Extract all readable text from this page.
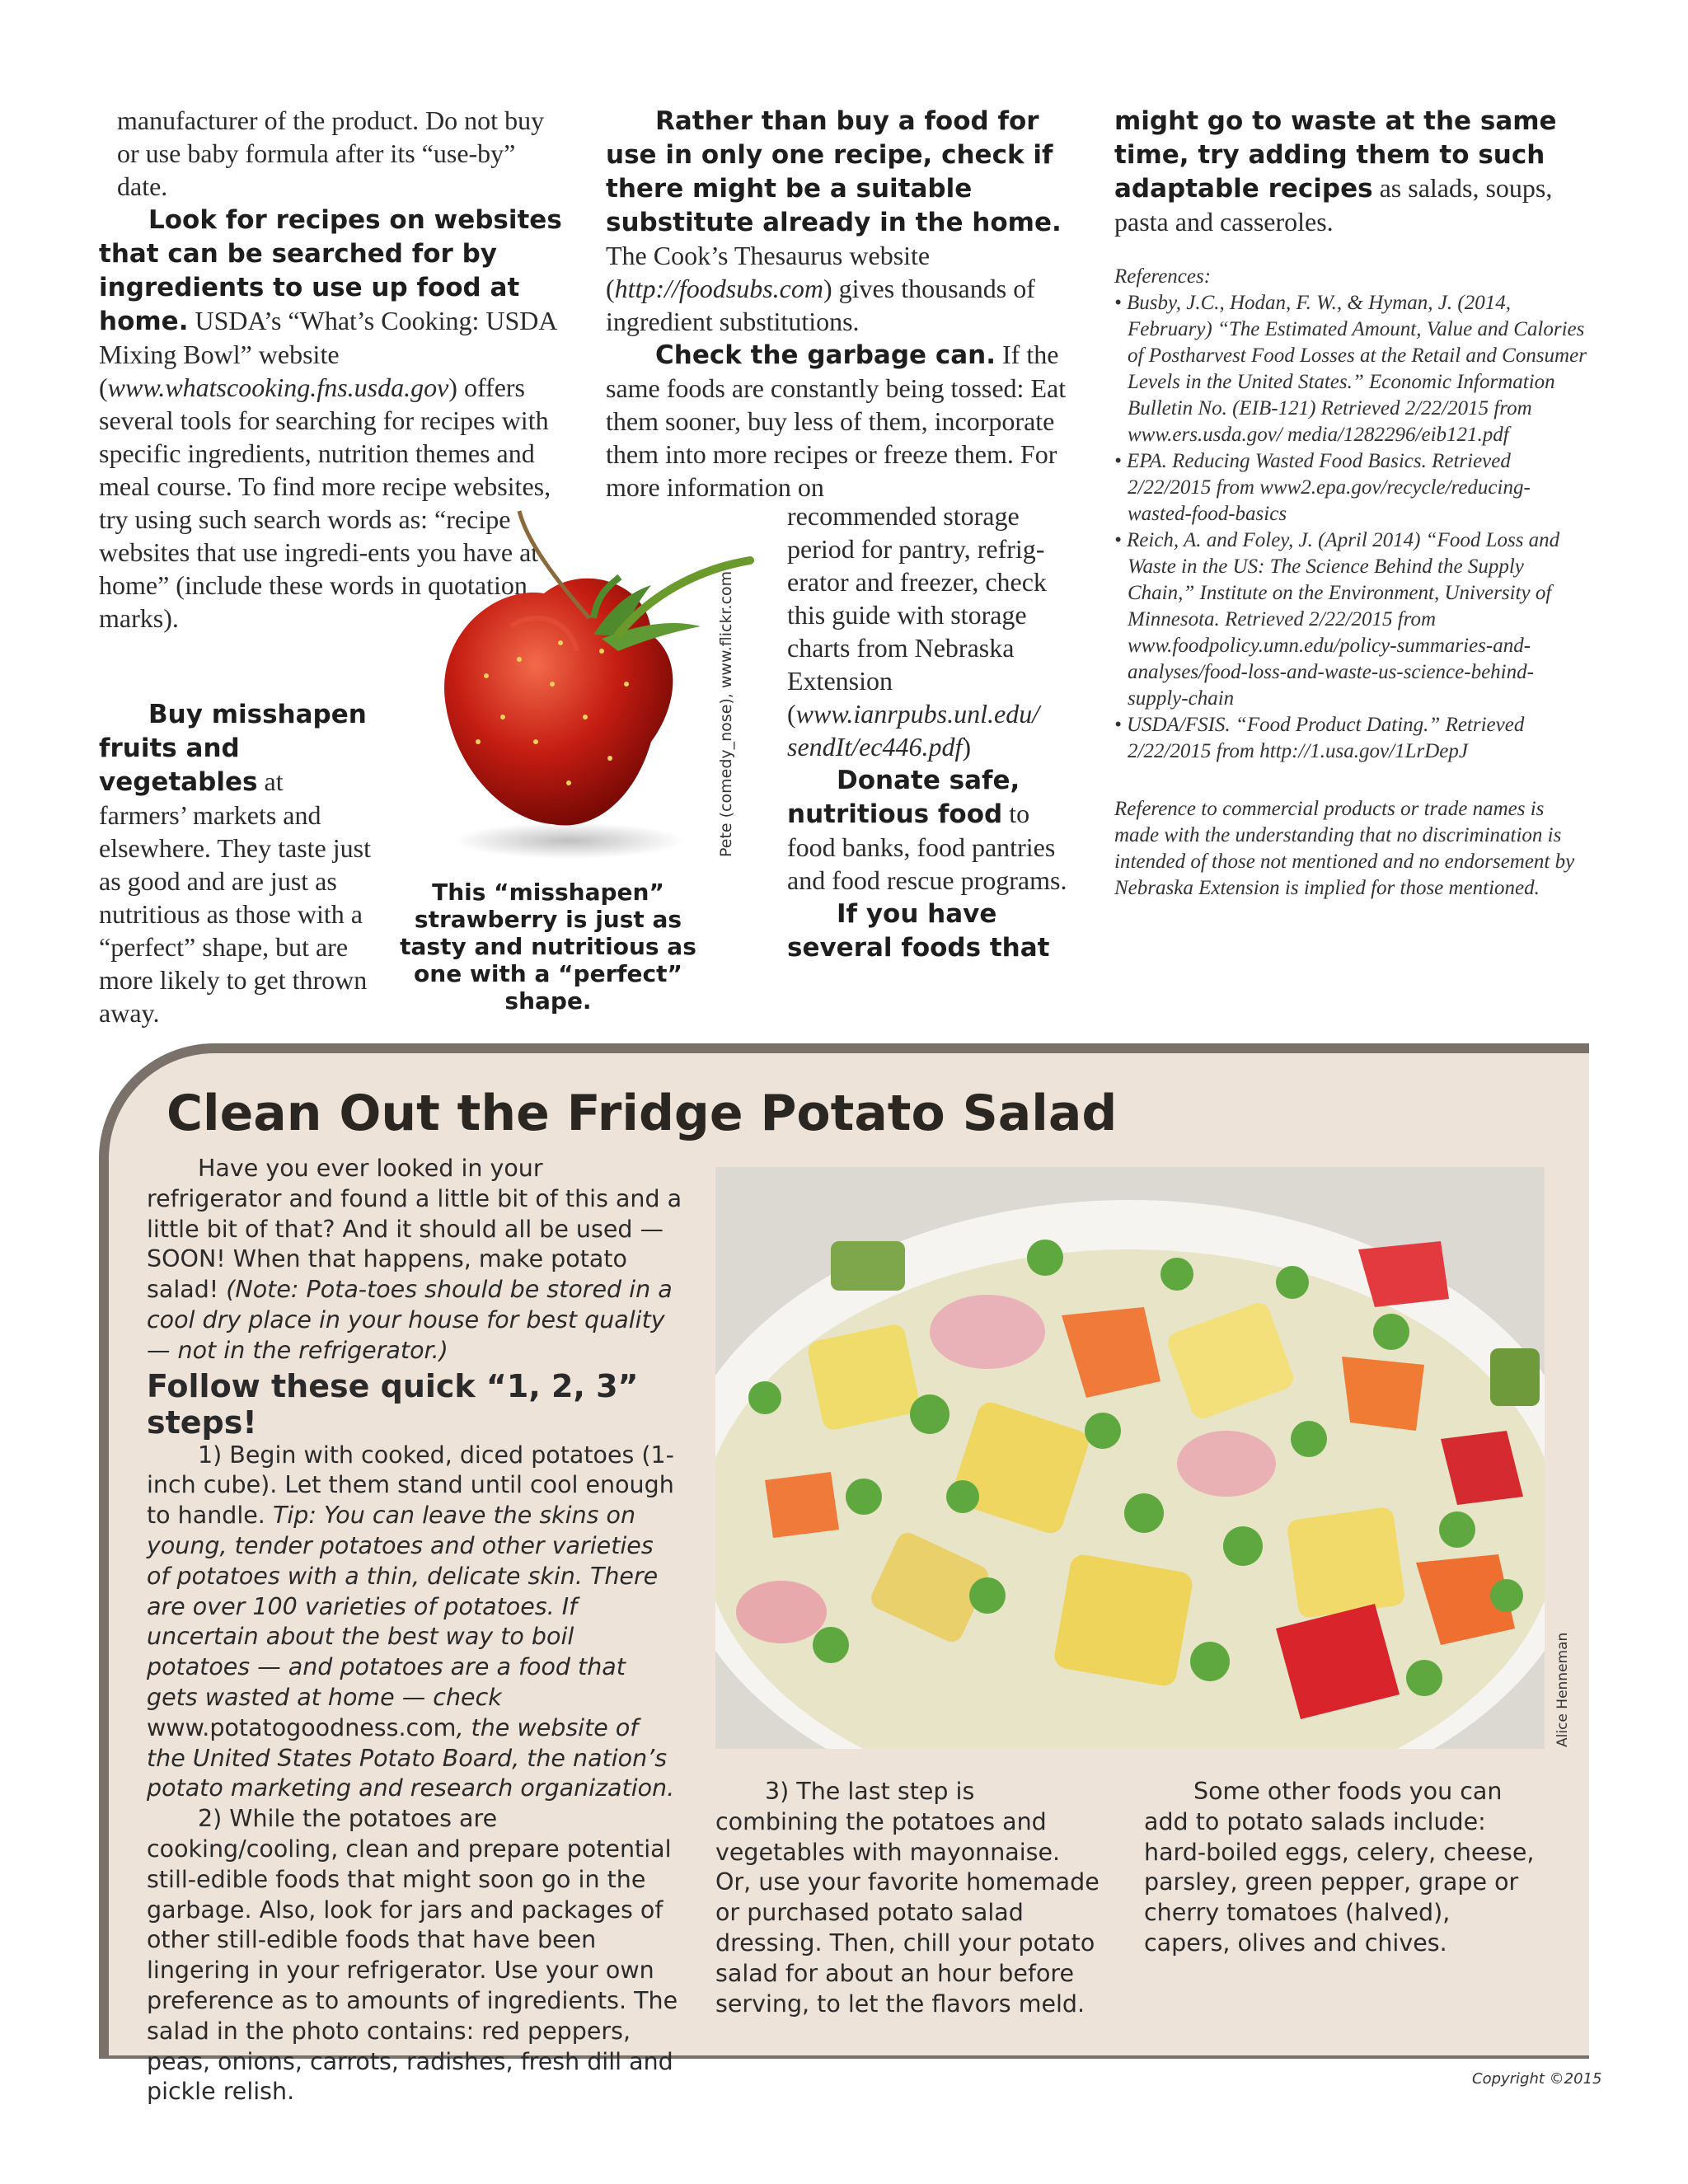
manufacturer of the product. Do not buy or use baby formula after its “use-by” date.

Look for recipes on websites that can be searched for by ingredients to use up food at home. USDA’s “What’s Cooking: USDA Mixing Bowl” website (www.whatscooking.fns.usda.gov) offers several tools for searching for recipes with specific ingredients, nutrition themes and meal course. To find more recipe websites, try using such search words as: “recipe websites that use ingredi-ents you have at home” (include these words in quotation marks).

Buy misshapen fruits and vegetables at farmers’ markets and elsewhere. They taste just as good and are just as nutritious as those with a “perfect” shape, but are more likely to get thrown away.

Pete (comedy_nose), www.flickr.com
This “misshapen” strawberry is just as tasty and nutritious as one with a “perfect” shape.

Rather than buy a food for use in only one recipe, check if there might be a suitable substitute already in the home. The Cook’s Thesaurus website (http://foodsubs.com) gives thousands of ingredient substitutions.

Check the garbage can. If the same foods are constantly being tossed: Eat them sooner, buy less of them, incorporate them into more recipes or freeze them. For more information on

recommended storage period for pantry, refrig-erator and freezer, check this guide with storage charts from Nebraska Extension (www.ianrpubs.unl.edu/ sendIt/ec446.pdf)

Donate safe, nutritious food to food banks, food pantries and food rescue programs.

If you have several foods that

might go to waste at the same time, try adding them to such adaptable recipes as salads, soups, pasta and casseroles.

References:

• Busby, J.C., Hodan, F. W., & Hyman, J. (2014, February) “The Estimated Amount, Value and Calories of Postharvest Food Losses at the Retail and Consumer Levels in the United States.” Economic Information Bulletin No. (EIB-121) Retrieved 2/22/2015 from www.ers.usda.gov/ media/1282296/eib121.pdf

• EPA. Reducing Wasted Food Basics. Retrieved 2/22/2015 from www2.epa.gov/recycle/reducing-wasted-food-basics

• Reich, A. and Foley, J. (April 2014) “Food Loss and Waste in the US: The Science Behind the Supply Chain,” Institute on the Environment, University of Minnesota. Retrieved 2/22/2015 from www.foodpolicy.umn.edu/policy-summaries-and-analyses/food-loss-and-waste-us-science-behind-supply-chain

• USDA/FSIS. “Food Product Dating.” Retrieved 2/22/2015 from http://1.usa.gov/1LrDepJ

Reference to commercial products or trade names is made with the understanding that no discrimination is intended of those not mentioned and no endorsement by Nebraska Extension is implied for those mentioned.

Clean Out the Fridge Potato Salad

Have you ever looked in your refrigerator and found a little bit of this and a little bit of that? And it should all be used — SOON! When that happens, make potato salad! (Note: Pota-toes should be stored in a cool dry place in your house for best quality — not in the refrigerator.)

Follow these quick “1, 2, 3” steps!

1) Begin with cooked, diced potatoes (1-inch cube). Let them stand until cool enough to handle. Tip: You can leave the skins on young, tender potatoes and other varieties of potatoes with a thin, delicate skin. There are over 100 varieties of potatoes. If uncertain about the best way to boil potatoes — and potatoes are a food that gets wasted at home — check www.potatogoodness.com, the website of the United States Potato Board, the nation’s potato marketing and research organization.

2) While the potatoes are cooking/cooling, clean and prepare potential still-edible foods that might soon go in the garbage. Also, look for jars and packages of other still-edible foods that have been lingering in your refrigerator. Use your own preference as to amounts of ingredients. The salad in the photo contains: red peppers, peas, onions, carrots, radishes, fresh dill and pickle relish.

Alice Henneman

3) The last step is combining the potatoes and vegetables with mayonnaise. Or, use your favorite homemade or purchased potato salad dressing. Then, chill your potato salad for about an hour before serving, to let the flavors meld.

Some other foods you can add to potato salads include: hard-boiled eggs, celery, cheese, parsley, green pepper, grape or cherry tomatoes (halved), capers, olives and chives.

Copyright ©2015
